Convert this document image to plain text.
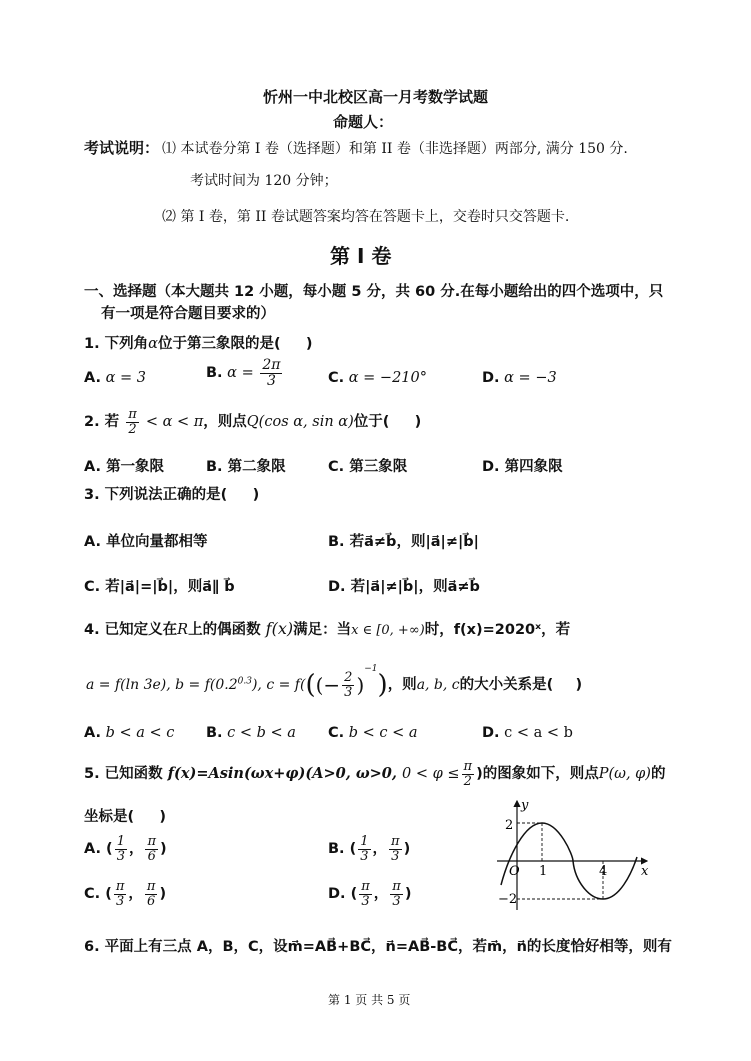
忻州一中北校区高一月考数学试题
命题人：
考试说明： ⑴ 本试卷分第 I 卷（选择题）和第 II 卷（非选择题）两部分, 满分 150 分.
考试时间为 120 分钟；
⑵ 第 I 卷，第 II 卷试题答案均答在答题卡上，交卷时只交答题卡.
第 I 卷
一、选择题（本大题共 12 小题，每小题 5 分，共 60 分.在每小题给出的四个选项中，只
有一项是符合题目要求的）
1. 下列角α位于第三象限的是( )
A. α = 3	B. $\alpha = \frac{2\pi}{3}$	C. α = −210°	D. α = −3
2. 若 $\frac{\pi}{2} < \alpha < \pi$，则点Q(cos α, sin α)位于( )
A. 第一象限	B. 第二象限	C. 第三象限	D. 第四象限
3. 下列说法正确的是( )
A. 单位向量都相等	B. 若a⃗≠b⃗，则|a⃗|≠|b⃗|
C. 若|a⃗|=|b⃗|，则a⃗∥ b⃗	D. 若|a⃗|≠|b⃗|，则a⃗≠b⃗
4. 已知定义在R上的偶函数 f(x)满足：当x ∈ [0, +∞)时，f(x)=2020ˣ，若
a = f(ln 3e), $b = f(0.2^{0.3})$, $c = f(((- \frac{2}{3} )^{-1})$，则a, b, c的大小关系是( )
A. b < a < c B. c < b < a C. b < c < a	D. c < a < b
5. 已知函数 f(x)=Asin(ωx+φ)(A>0, ω>0, $0 < \varphi \le \frac{\pi}{2}$ )的图象如下，则点P(ω, φ)的
坐标是( )
A. ( $\frac{1}{3}$ ， $\frac{\pi}{6}$ )	B. ( $\frac{1}{3}$ ， $\frac{\pi}{3}$ )
C. ( $\frac{\pi}{3}$ ， $\frac{\pi}{6}$ )	D. ( $\frac{\pi}{3}$ ， $\frac{\pi}{3}$ )
y
x
O 1	4
2
−2
6. 平面上有三点 A，B，C，设m⃗=AB⃗+BC⃗，n⃗=AB⃗-BC⃗，若m⃗，n⃗的长度恰好相等，则有
第 1 页 共 5 页
